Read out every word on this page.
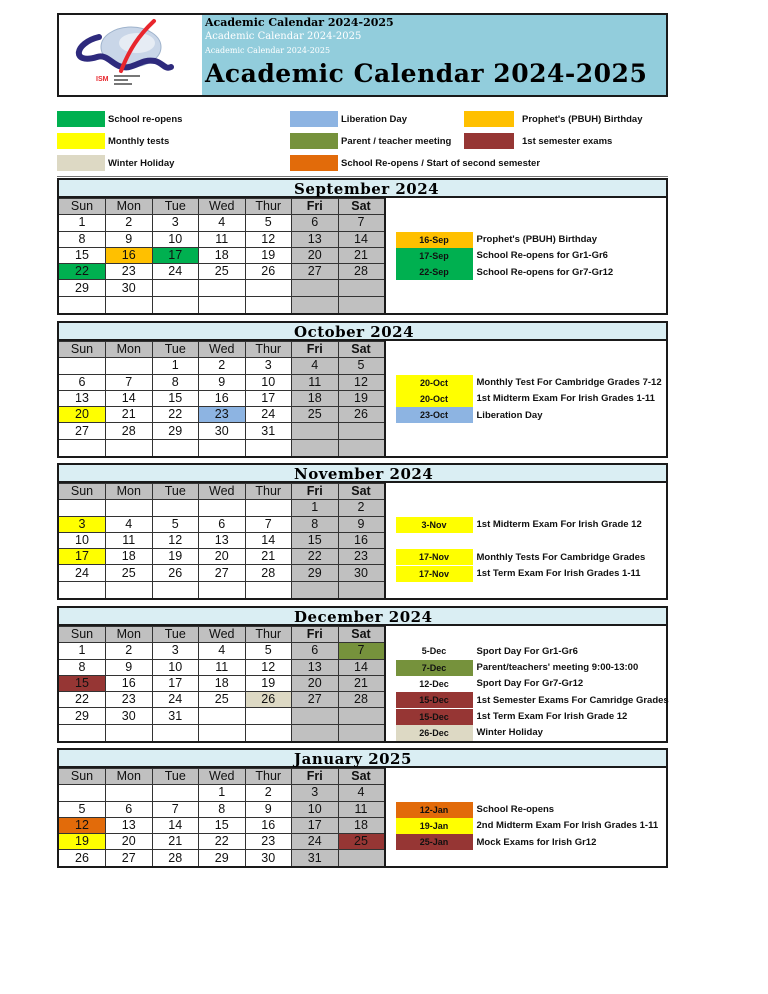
ISM
Academic Calendar 2024-2025
Academic Calendar 2024-2025
Academic Calendar 2024-2025
Academic Calendar 2024-2025
School re-opens
Monthly tests
Winter Holiday
Liberation Day
Parent / teacher meeting
School Re-opens / Start of second semester
Prophet's (PBUH) Birthday
1st semester exams
September 2024
Sun	Mon	Tue	Wed	Thur	Fri	Sat
1	2	3	4	5	6	7
8	9	10	11	12	13	14
15	16	17	18	19	20	21
22	23	24	25	26	27	28
29	30					

16-Sep	Prophet's (PBUH) Birthday
17-Sep	School Re-opens for Gr1-Gr6
22-Sep	School Re-opens for Gr7-Gr12
October 2024
Sun	Mon	Tue	Wed	Thur	Fri	Sat
		1	2	3	4	5
6	7	8	9	10	11	12
13	14	15	16	17	18	19
20	21	22	23	24	25	26
27	28	29	30	31		

20-Oct	Monthly Test For Cambridge Grades 7-12
20-Oct	1st Midterm Exam For Irish Grades 1-11
23-Oct	Liberation Day
November 2024
Sun	Mon	Tue	Wed	Thur	Fri	Sat
					1	2
3	4	5	6	7	8	9
10	11	12	13	14	15	16
17	18	19	20	21	22	23
24	25	26	27	28	29	30

3-Nov	1st Midterm Exam For Irish Grade 12
17-Nov	Monthly Tests For Cambridge Grades
17-Nov	1st Term Exam For Irish Grades 1-11
December 2024
Sun	Mon	Tue	Wed	Thur	Fri	Sat
1	2	3	4	5	6	7
8	9	10	11	12	13	14
15	16	17	18	19	20	21
22	23	24	25	26	27	28
29	30	31				

5-Dec	Sport Day For Gr1-Gr6
7-Dec	Parent/teachers' meeting 9:00-13:00
12-Dec	Sport Day For Gr7-Gr12
15-Dec	1st Semester Exams For Camridge Grades
15-Dec	1st Term Exam For Irish Grade 12
26-Dec	Winter Holiday
January 2025
Sun	Mon	Tue	Wed	Thur	Fri	Sat
			1	2	3	4
5	6	7	8	9	10	11
12	13	14	15	16	17	18
19	20	21	22	23	24	25
26	27	28	29	30	31	
12-Jan	School Re-opens
19-Jan	2nd Midterm Exam For Irish Grades 1-11
25-Jan	Mock Exams for Irish Gr12
